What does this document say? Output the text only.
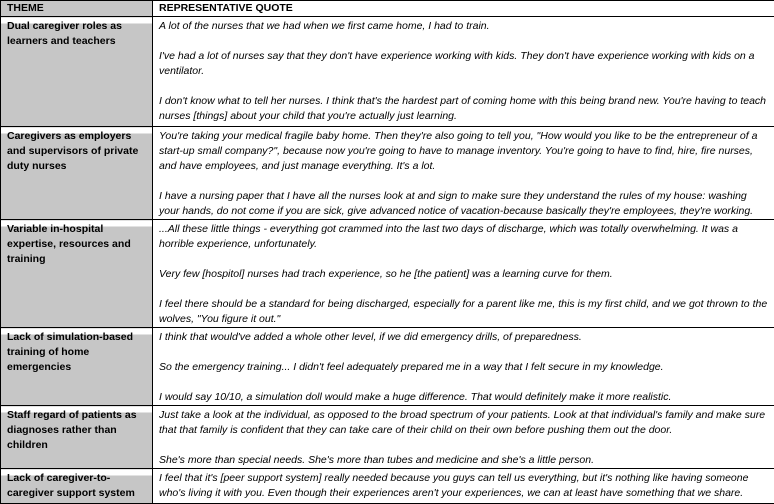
THEME	REPRESENTATIVE QUOTE
Dual caregiver roles as learners and teachers	A lot of the nurses that we had when we first came home, I had to train.

I've had a lot of nurses say that they don't have experience working with kids. They don't have experience working with kids on a ventilator.

I don't know what to tell her nurses. I think that's the hardest part of coming home with this being brand new. You're having to teach nurses [things] about your child that you're actually just learning.

Caregivers as employers and supervisors of private duty nurses	You're taking your medical fragile baby home. Then they're also going to tell you, "How would you like to be the entrepreneur of a start-up small company?", because now you're going to have to manage inventory. You're going to have to find, hire, fire nurses, and have employees, and just manage everything. It's a lot.

I have a nursing paper that I have all the nurses look at and sign to make sure they understand the rules of my house: washing your hands, do not come if you are sick, give advanced notice of vacation-because basically they're employees, they're working.

Variable in-hospital expertise, resources and training	...All these little things - everything got crammed into the last two days of discharge, which was totally overwhelming. It was a horrible experience, unfortunately.

Very few [hospitol] nurses had trach experience, so he [the patient] was a learning curve for them.

I feel there should be a standard for being discharged, especially for a parent like me, this is my first child, and we got thrown to the wolves, "You figure it out."

Lack of simulation-based training of home emergencies	I think that would've added a whole other level, if we did emergency drills, of preparedness.

So the emergency training... I didn't feel adequately prepared me in a way that I felt secure in my knowledge.

I would say 10/10, a simulation doll would make a huge difference. That would definitely make it more realistic.

Staff regard of patients as diagnoses rather than children	Just take a look at the individual, as opposed to the broad spectrum of your patients. Look at that individual's family and make sure that that family is confident that they can take care of their child on their own before pushing them out the door.

She's more than special needs. She's more than tubes and medicine and she's a little person.

Lack of caregiver-to-caregiver support system	I feel that it's [peer support system] really needed because you guys can tell us everything, but it's nothing like having someone who's living it with you. Even though their experiences aren't your experiences, we can at least have something that we share.
